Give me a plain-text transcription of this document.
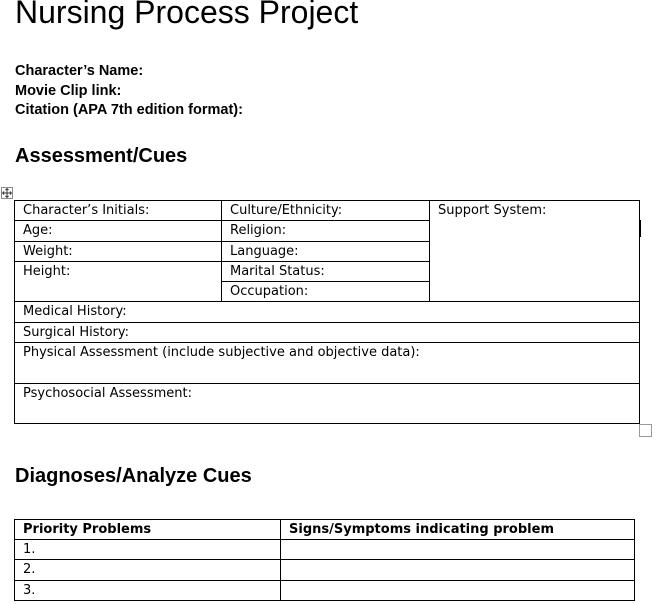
Nursing Process Project
Character’s Name:
Movie Clip link:
Citation (APA 7th edition format):
Assessment/Cues
Character’s Initials:	Culture/Ethnicity:	Support System:
Age:	Religion:	
Weight:	Language:	
Height:	Marital Status:	
	Occupation:	
Medical History:		
Surgical History:		
Physical Assessment (include subjective and objective data):		
Psychosocial Assessment:		
Diagnoses/Analyze Cues
Priority Problems	Signs/Symptoms indicating problem
1.	
2.	
3.	
